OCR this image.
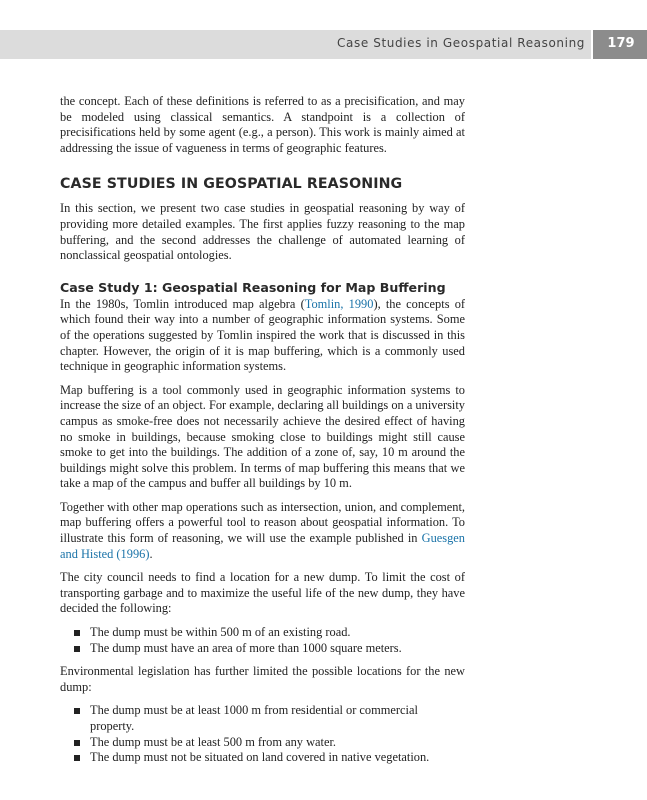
Case Studies in Geospatial Reasoning	179

the concept. Each of these definitions is referred to as a precisification, and may be modeled using classical semantics. A standpoint is a collection of precisifications held by some agent (e.g., a person). This work is mainly aimed at addressing the issue of vagueness in terms of geographic features.

CASE STUDIES IN GEOSPATIAL REASONING

In this section, we present two case studies in geospatial reasoning by way of providing more detailed examples. The first applies fuzzy reasoning to the map buffering, and the second addresses the challenge of automated learning of nonclassical geospatial ontologies.

Case Study 1: Geospatial Reasoning for Map Buffering

In the 1980s, Tomlin introduced map algebra (Tomlin, 1990), the concepts of which found their way into a number of geographic information systems. Some of the operations suggested by Tomlin inspired the work that is discussed in this chapter. However, the origin of it is map buffering, which is a commonly used technique in geographic information systems.

Map buffering is a tool commonly used in geographic information systems to increase the size of an object. For example, declaring all buildings on a university campus as smoke-free does not necessarily achieve the desired effect of having no smoke in buildings, because smoking close to buildings might still cause smoke to get into the buildings. The addition of a zone of, say, 10 m around the buildings might solve this problem. In terms of map buffering this means that we take a map of the campus and buffer all buildings by 10 m.

Together with other map operations such as intersection, union, and complement, map buffering offers a powerful tool to reason about geospatial information. To illustrate this form of reasoning, we will use the example published in Guesgen and Histed (1996).

The city council needs to find a location for a new dump. To limit the cost of transporting garbage and to maximize the useful life of the new dump, they have decided the following:

The dump must be within 500 m of an existing road.
The dump must have an area of more than 1000 square meters.

Environmental legislation has further limited the possible locations for the new dump:

The dump must be at least 1000 m from residential or commercial property.
The dump must be at least 500 m from any water.
The dump must not be situated on land covered in native vegetation.
